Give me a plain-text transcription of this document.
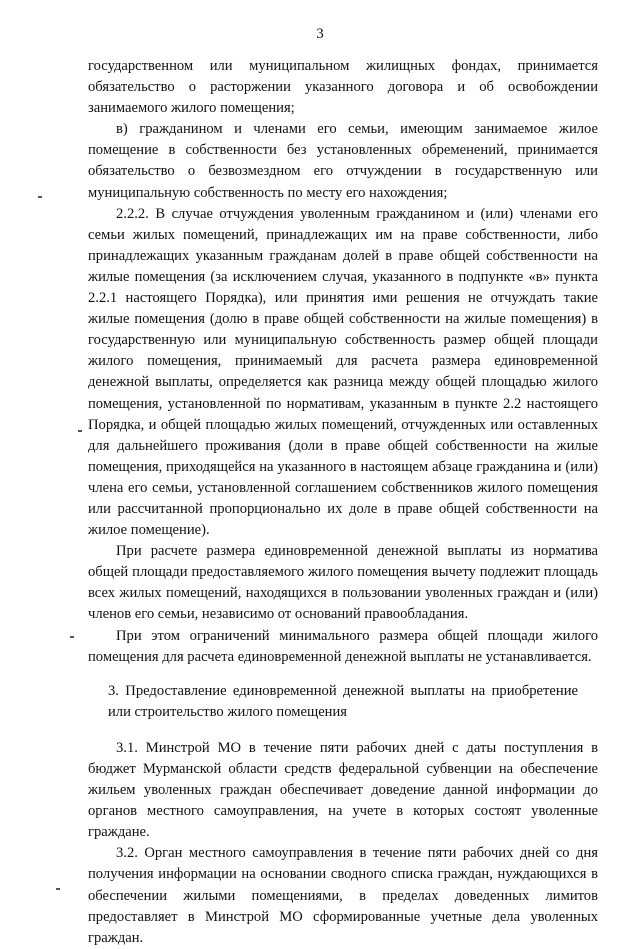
3

государственном или муниципальном жилищных фондах, принимается обязательство о расторжении указанного договора и об освобождении занимаемого жилого помещения;

в) гражданином и членами его семьи, имеющим занимаемое жилое помещение в собственности без установленных обременений, принимается обязательство о безвозмездном его отчуждении в государственную или муниципальную собственность по месту его нахождения;

2.2.2. В случае отчуждения уволенным гражданином и (или) членами его семьи жилых помещений, принадлежащих им на праве собственности, либо принадлежащих указанным гражданам долей в праве общей собственности на жилые помещения (за исключением случая, указанного в подпункте «в» пункта 2.2.1 настоящего Порядка), или принятия ими решения не отчуждать такие жилые помещения (долю в праве общей собственности на жилые помещения) в государственную или муниципальную собственность размер общей площади жилого помещения, принимаемый для расчета размера единовременной денежной выплаты, определяется как разница между общей площадью жилого помещения, установленной по нормативам, указанным в пункте 2.2 настоящего Порядка, и общей площадью жилых помещений, отчужденных или оставленных для дальнейшего проживания (доли в праве общей собственности на жилые помещения, приходящейся на указанного в настоящем абзаце гражданина и (или) члена его семьи, установленной соглашением собственников жилого помещения или рассчитанной пропорционально их доле в праве общей собственности на жилое помещение).

При расчете размера единовременной денежной выплаты из норматива общей площади предоставляемого жилого помещения вычету подлежит площадь всех жилых помещений, находящихся в пользовании уволенных граждан и (или) членов его семьи, независимо от оснований правообладания.

При этом ограничений минимального размера общей площади жилого помещения для расчета единовременной денежной выплаты не устанавливается.

3. Предоставление единовременной денежной выплаты на приобретение или строительство жилого помещения

3.1. Минстрой МО в течение пяти рабочих дней с даты поступления в бюджет Мурманской области средств федеральной субвенции на обеспечение жильем уволенных граждан обеспечивает доведение данной информации до органов местного самоуправления, на учете в которых состоят уволенные граждане.

3.2. Орган местного самоуправления в течение пяти рабочих дней со дня получения информации на основании сводного списка граждан, нуждающихся в обеспечении жилыми помещениями, в пределах доведенных лимитов предоставляет в Минстрой МО сформированные учетные дела уволенных граждан.
